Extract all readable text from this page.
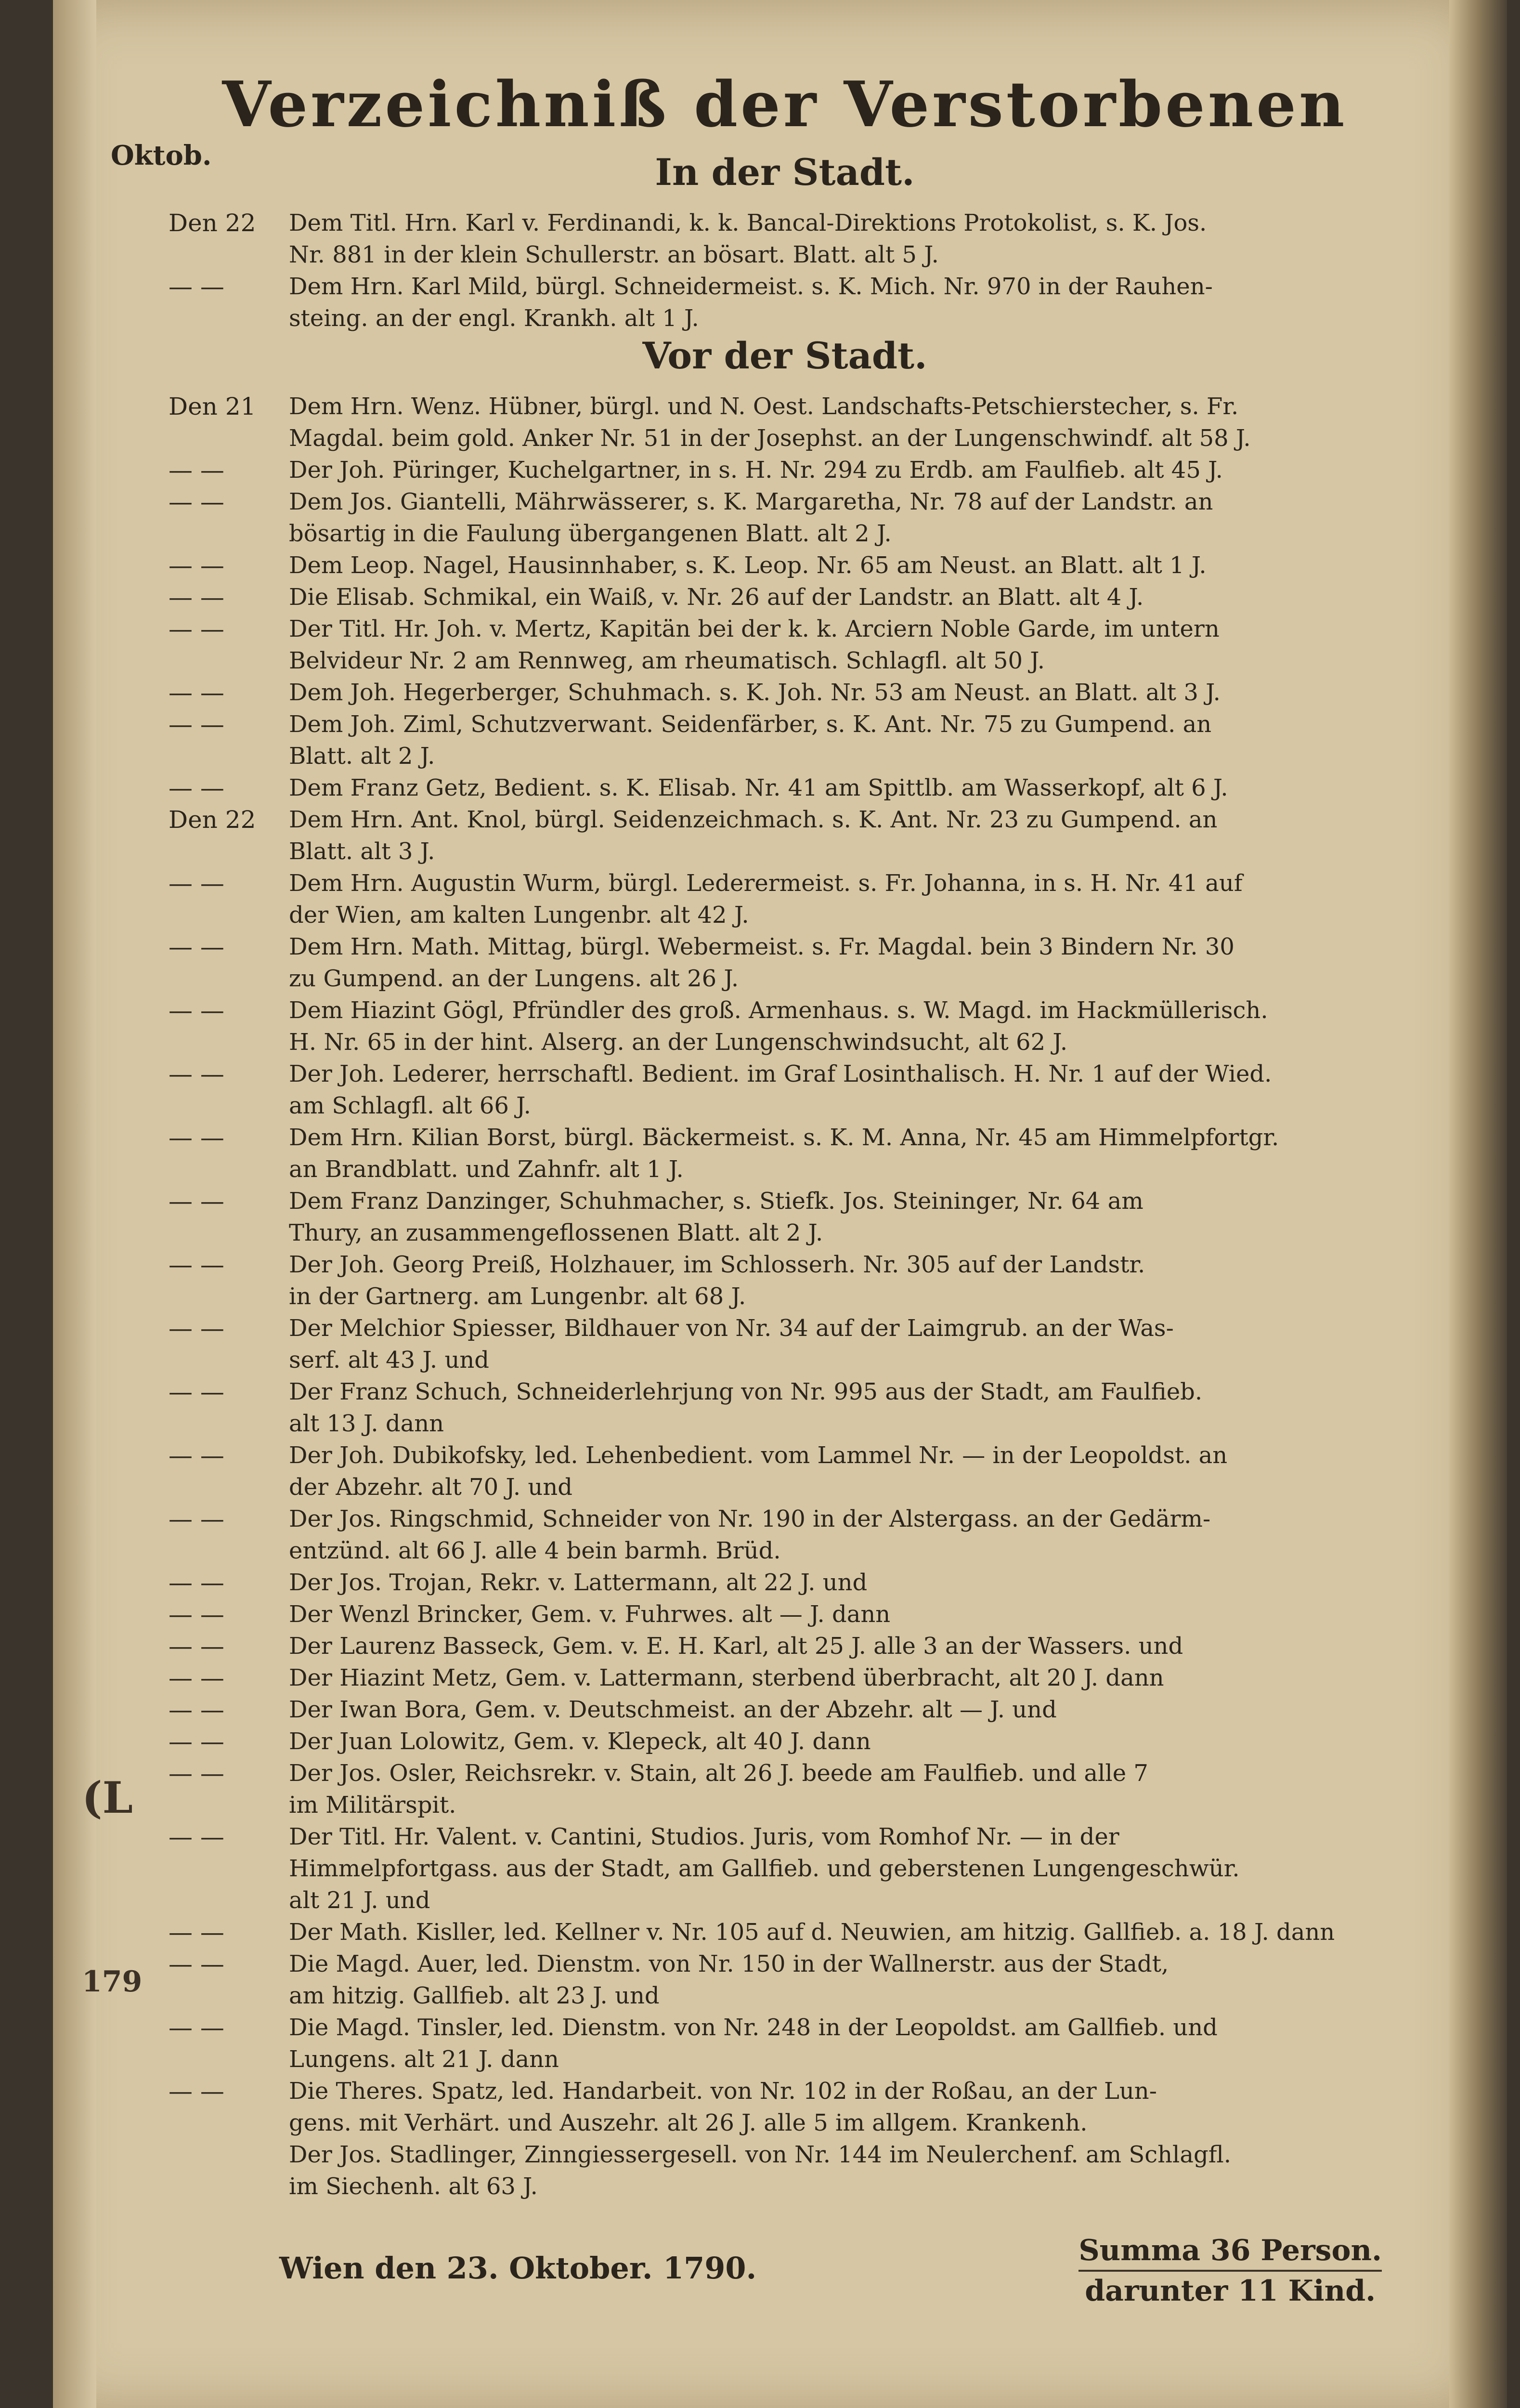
(L
179
Verzeichniß der Verstorbenen
In der Stadt.
Den 22	Dem Titl. Hrn. Karl v. Ferdinandi, k. k. Bancal-Direktions Protokolist, s. K. Jos.
Nr. 881 in der klein Schullerstr. an bösart. Blatt. alt 5 J.

— —	Dem Hrn. Karl Mild, bürgl. Schneidermeist. s. K. Mich. Nr. 970 in der Rauhen-
steing. an der engl. Krankh. alt 1 J.
Vor der Stadt.
Den 21	Dem Hrn. Wenz. Hübner, bürgl. und N. Oest. Landschafts-Petschierstecher, s. Fr.
Magdal. beim gold. Anker Nr. 51 in der Josephst. an der Lungenschwindf. alt 58 J.

— —	Der Joh. Püringer, Kuchelgartner, in s. H. Nr. 294 zu Erdb. am Faulfieb. alt 45 J.

— —	Dem Jos. Giantelli, Mährwässerer, s. K. Margaretha, Nr. 78 auf der Landstr. an
bösartig in die Faulung übergangenen Blatt. alt 2 J.

— —	Dem Leop. Nagel, Hausinnhaber, s. K. Leop. Nr. 65 am Neust. an Blatt. alt 1 J.

— —	Die Elisab. Schmikal, ein Waiß, v. Nr. 26 auf der Landstr. an Blatt. alt 4 J.

— —	Der Titl. Hr. Joh. v. Mertz, Kapitän bei der k. k. Arciern Noble Garde, im untern
Belvideur Nr. 2 am Rennweg, am rheumatisch. Schlagfl. alt 50 J.

— —	Dem Joh. Hegerberger, Schuhmach. s. K. Joh. Nr. 53 am Neust. an Blatt. alt 3 J.

— —	Dem Joh. Ziml, Schutzverwant. Seidenfärber, s. K. Ant. Nr. 75 zu Gumpend. an
Blatt. alt 2 J.

— —	Dem Franz Getz, Bedient. s. K. Elisab. Nr. 41 am Spittlb. am Wasserkopf, alt 6 J.

Den 22	Dem Hrn. Ant. Knol, bürgl. Seidenzeichmach. s. K. Ant. Nr. 23 zu Gumpend. an
Blatt. alt 3 J.

— —	Dem Hrn. Augustin Wurm, bürgl. Lederermeist. s. Fr. Johanna, in s. H. Nr. 41 auf
der Wien, am kalten Lungenbr. alt 42 J.

— —	Dem Hrn. Math. Mittag, bürgl. Webermeist. s. Fr. Magdal. bein 3 Bindern Nr. 30
zu Gumpend. an der Lungens. alt 26 J.

— —	Dem Hiazint Gögl, Pfründler des groß. Armenhaus. s. W. Magd. im Hackmüllerisch.
H. Nr. 65 in der hint. Alserg. an der Lungenschwindsucht, alt 62 J.

— —	Der Joh. Lederer, herrschaftl. Bedient. im Graf Losinthalisch. H. Nr. 1 auf der Wied.
am Schlagfl. alt 66 J.

— —	Dem Hrn. Kilian Borst, bürgl. Bäckermeist. s. K. M. Anna, Nr. 45 am Himmelpfortgr.
an Brandblatt. und Zahnfr. alt 1 J.

— —	Dem Franz Danzinger, Schuhmacher, s. Stiefk. Jos. Steininger, Nr. 64 am
Thury, an zusammengeflossenen Blatt. alt 2 J.

— —	Der Joh. Georg Preiß, Holzhauer, im Schlosserh. Nr. 305 auf der Landstr.
in der Gartnerg. am Lungenbr. alt 68 J.

— —	Der Melchior Spiesser, Bildhauer von Nr. 34 auf der Laimgrub. an der Was-
serf. alt 43 J. und

— —	Der Franz Schuch, Schneiderlehrjung von Nr. 995 aus der Stadt, am Faulfieb.
alt 13 J. dann

— —	Der Joh. Dubikofsky, led. Lehenbedient. vom Lammel Nr. — in der Leopoldst. an
der Abzehr. alt 70 J. und

— —	Der Jos. Ringschmid, Schneider von Nr. 190 in der Alstergass. an der Gedärm-
entzünd. alt 66 J. alle 4 bein barmh. Brüd.

— —	Der Jos. Trojan, Rekr. v. Lattermann, alt 22 J. und

— —	Der Wenzl Brincker, Gem. v. Fuhrwes. alt — J. dann

— —	Der Laurenz Basseck, Gem. v. E. H. Karl, alt 25 J. alle 3 an der Wassers. und

— —	Der Hiazint Metz, Gem. v. Lattermann, sterbend überbracht, alt 20 J. dann

— —	Der Iwan Bora, Gem. v. Deutschmeist. an der Abzehr. alt — J. und

— —	Der Juan Lolowitz, Gem. v. Klepeck, alt 40 J. dann

— —	Der Jos. Osler, Reichsrekr. v. Stain, alt 26 J. beede am Faulfieb. und alle 7
im Militärspit.

— —	Der Titl. Hr. Valent. v. Cantini, Studios. Juris, vom Romhof Nr. — in der
Himmelpfortgass. aus der Stadt, am Gallfieb. und geberstenen Lungengeschwür.
alt 21 J. und

— —	Der Math. Kisller, led. Kellner v. Nr. 105 auf d. Neuwien, am hitzig. Gallfieb. a. 18 J. dann

— —	Die Magd. Auer, led. Dienstm. von Nr. 150 in der Wallnerstr. aus der Stadt,
am hitzig. Gallfieb. alt 23 J. und

— —	Die Magd. Tinsler, led. Dienstm. von Nr. 248 in der Leopoldst. am Gallfieb. und
Lungens. alt 21 J. dann

— —	Die Theres. Spatz, led. Handarbeit. von Nr. 102 in der Roßau, an der Lun-
gens. mit Verhärt. und Auszehr. alt 26 J. alle 5 im allgem. Krankenh.

	Der Jos. Stadlinger, Zinngiessergesell. von Nr. 144 im Neulerchenf. am Schlagfl.
im Siechenh. alt 63 J.
Wien den 23. Oktober. 1790.	Summa 36 Person.
darunter 11 Kind.
Oktob.
